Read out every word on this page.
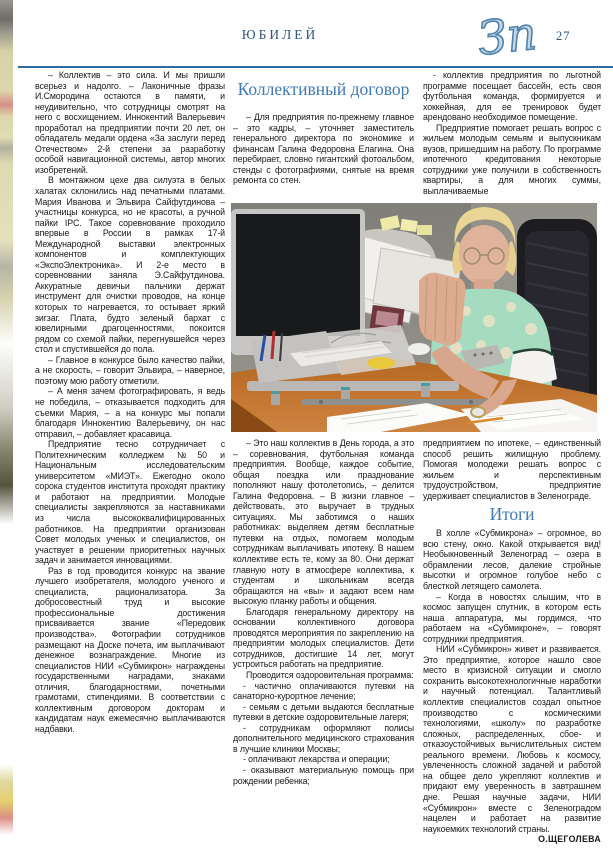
ЮБИЛЕЙ	Зп 27

– Коллектив – это сила. И мы пришли всерьез и надолго. – Лаконичные фразы И.Смородина остаются в памяти, и неудивительно, что сотрудницы смотрят на него с восхищением. Иннокентий Валерьевич проработал на предприятии почти 20 лет, он обладатель медали ордена «За заслуги перед Отечеством» 2-й степени за разработку особой навигационной системы, автор многих изобретений.

В монтажном цехе два силуэта в белых халатах склонились над печатными платами. Мария Иванова и Эльвира Сайфутдинова – участницы конкурса, но не красоты, а ручной пайки IPC. Такое соревнование проходило впервые в России в рамках 17-й Международной выставки электронных компонентов и комплектующих «ЭкспоЭлектроника». И 2-е место в соревновании заняла Э.Сайфутдинова. Аккуратные девичьи пальчики держат инструмент для очистки проводов, на конце которых то нагревается, то остывает яркий зигзаг. Плата, будто зеленый бархат с ювелирными драгоценностями, покоится рядом со схемой пайки, перегнувшейся через стол и спустившейся до пола.

– Главное в конкурсе было качество пайки, а не скорость, – говорит Эльвира, – наверное, поэтому мою работу отметили.

– А меня зачем фотографировать, я ведь не победила, – отказывается подходить для съемки Мария, – а на конкурс мы попали благодаря Иннокентию Валерьевичу, он нас отправил, – добавляет красавица.

Предприятие тесно сотрудничает с Политехническим колледжем №50 и Национальным исследовательским университетом «МИЭТ». Ежегодно около сорока студентов института проходят практику и работают на предприятии. Молодые специалисты закрепляются за наставниками из числа высококвалифицированных работников. На предприятии организован Совет молодых ученых и специалистов, он участвует в решении приоритетных научных задач и занимается инновациями.

Раз в год проводится конкурс на звание лучшего изобретателя, молодого ученого и специалиста, рационализатора. За добросовестный труд и высокие профессиональные достижения присваивается звание «Передовик производства». Фотографии сотрудников размещают на Доске почета, им выплачивают денежное вознаграждение. Многие из специалистов НИИ «Субмикрон» награждены государственными наградами, знаками отличия, благодарностями, почетными грамотами, стипендиями. В соответствии с коллективным договором докторам и кандидатам наук ежемесячно выплачиваются надбавки.

Коллективный договор

– Для предприятия по-прежнему главное – это кадры, – уточняет заместитель генерального директора по экономике и финансам Галина Федоровна Елагина. Она перебирает, словно гигантский фотоальбом, стенды с фотографиями, снятые на время ремонта со стен.

– Это наш коллектив в День города, а это – соревнования, футбольная команда предприятия. Вообще, каждое событие, общая поездка или празднование пополняют нашу фотолетопись, – делится Галина Федоровна. – В жизни главное – действовать, это выручает в трудных ситуациях. Мы заботимся о наших работниках: выделяем детям бесплатные путевки на отдых, помогаем молодым сотрудникам выплачивать ипотеку. В нашем коллективе есть те, кому за 80. Они держат главную ноту в атмосфере коллектива, к студентам и школьникам всегда обращаются на «вы» и задают всем нам высокую планку работы и общения.

Благодаря генеральному директору на основании коллективного договора проводятся мероприятия по закреплению на предприятии молодых специалистов. Дети сотрудников, достигшие 14 лет, могут устроиться работать на предприятие.

Проводится оздоровительная программа:

- частично оплачиваются путевки на санаторно-курортное лечение;

- семьям с детьми выдаются бесплатные путевки в детские оздоровительные лагеря;

- сотрудникам оформляют полисы дополнительного медицинского страхования в лучшие клиники Москвы;

- оплачивают лекарства и операции;

- оказывают материальную помощь при рождении ребенка;

- коллектив предприятия по льготной программе посещает бассейн, есть своя футбольная команда, формируется и хоккейная, для ее тренировок будет арендовано необходимое помещение.

Предприятие помогает решать вопрос с жильем молодым семьям и выпускникам вузов, пришедшим на работу. По программе ипотечного кредитования некоторые сотрудники уже получили в собственность квартиры, а для многих суммы, выплачиваемые

предприятием по ипотеке, – единственный способ решить жилищную проблему. Помогая молодежи решать вопрос с жильем и перспективным трудоустройством, предприятие удерживает специалистов в Зеленограде.

Итоги

В холле «Субмикрона» – огромное, во всю стену, окно. Какой открывается вид! Необыкновенный Зеленоград – озера в обрамлении лесов, далекие стройные высотки и огромное голубое небо с блесткой летящего самолета.

– Когда в новостях слышим, что в космос запущен спутник, в котором есть наша аппаратура, мы гордимся, что работаем на «Субмикроне», – говорят сотрудники предприятия.

НИИ «Субмикрон» живет и развивается. Это предприятие, которое нашло свое место в кризисной ситуации и смогло сохранить высокотехнологичные наработки и научный потенциал. Талантливый коллектив специалистов создал опытное производство с космическими технологиями, «школу» по разработке сложных, распределенных, сбое- и отказоустойчивых вычислительных систем реального времени. Любовь к космосу, увлеченность сложной задачей и работой на общее дело укрепляют коллектив и придают ему уверенность в завтрашнем дне. Решая научные задачи, НИИ «Субмикрон» вместе с Зеленоградом нацелен и работает на развитие наукоемких технологий страны.

О.ЩЕГОЛЕВА
